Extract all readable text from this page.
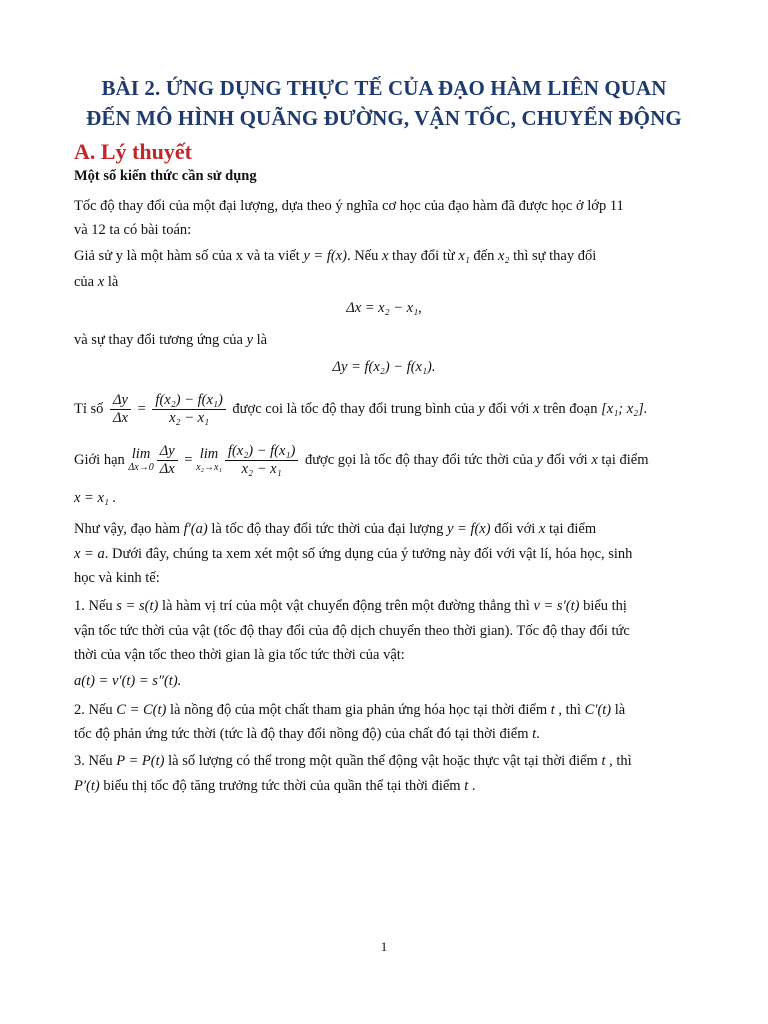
BÀI 2. ỨNG DỤNG THỰC TẾ CỦA ĐẠO HÀM LIÊN QUAN
ĐẾN MÔ HÌNH QUÃNG ĐƯỜNG, VẬN TỐC, CHUYỂN ĐỘNG
A. Lý thuyết
Một số kiến thức cần sử dụng
Tốc độ thay đổi của một đại lượng, dựa theo ý nghĩa cơ học của đạo hàm đã được học ở lớp 11
và 12 ta có bài toán:
Giả sử y là một hàm số của x và ta viết y = f(x). Nếu x thay đổi từ x₁ đến x₂ thì sự thay đổi
của x là
Δx = x₂ − x₁,
và sự thay đổi tương ứng của y là
Δy = f(x₂) − f(x₁).
Tỉ số $\frac{\Delta y}{\Delta x} = \frac{\text{f(x₂) − f(x₁)}}{\text{x₂ − x₁}}$ được coi là tốc độ thay đổi trung bình của y đối với x trên đoạn [x₁; x₂].
Giới hạn lim
$\Delta x\to 0 \frac{\Delta y}{\Delta x} = \lim$
$x_2\to x_1 \frac{\text{f(x₂) − f(x₁)}}{\text{x₂ − x₁}}$ được gọi là tốc độ thay đổi tức thời của y đối với x tại điểm
x = x₁ .
Như vậy, đạo hàm f′(a) là tốc độ thay đổi tức thời của đại lượng y = f(x) đối với x tại điểm
x = a. Dưới đây, chúng ta xem xét một số ứng dụng của ý tưởng này đối với vật lí, hóa học, sinh
học và kinh tế:
1. Nếu s = s(t) là hàm vị trí của một vật chuyển động trên một đường thẳng thì v = s′(t) biểu thị
vận tốc tức thời của vật (tốc độ thay đổi của độ dịch chuyển theo thời gian). Tốc độ thay đổi tức
thời của vận tốc theo thời gian là gia tốc tức thời của vật:
a(t) = v′(t) = s″(t).
2. Nếu C = C(t) là nồng độ của một chất tham gia phản ứng hóa học tại thời điểm t , thì C′(t) là
tốc độ phản ứng tức thời (tức là độ thay đổi nồng độ) của chất đó tại thời điểm t.
3. Nếu P = P(t) là số lượng có thể trong một quần thể động vật hoặc thực vật tại thời điểm t , thì
P′(t) biểu thị tốc độ tăng trưởng tức thời của quần thể tại thời điểm t .
1
